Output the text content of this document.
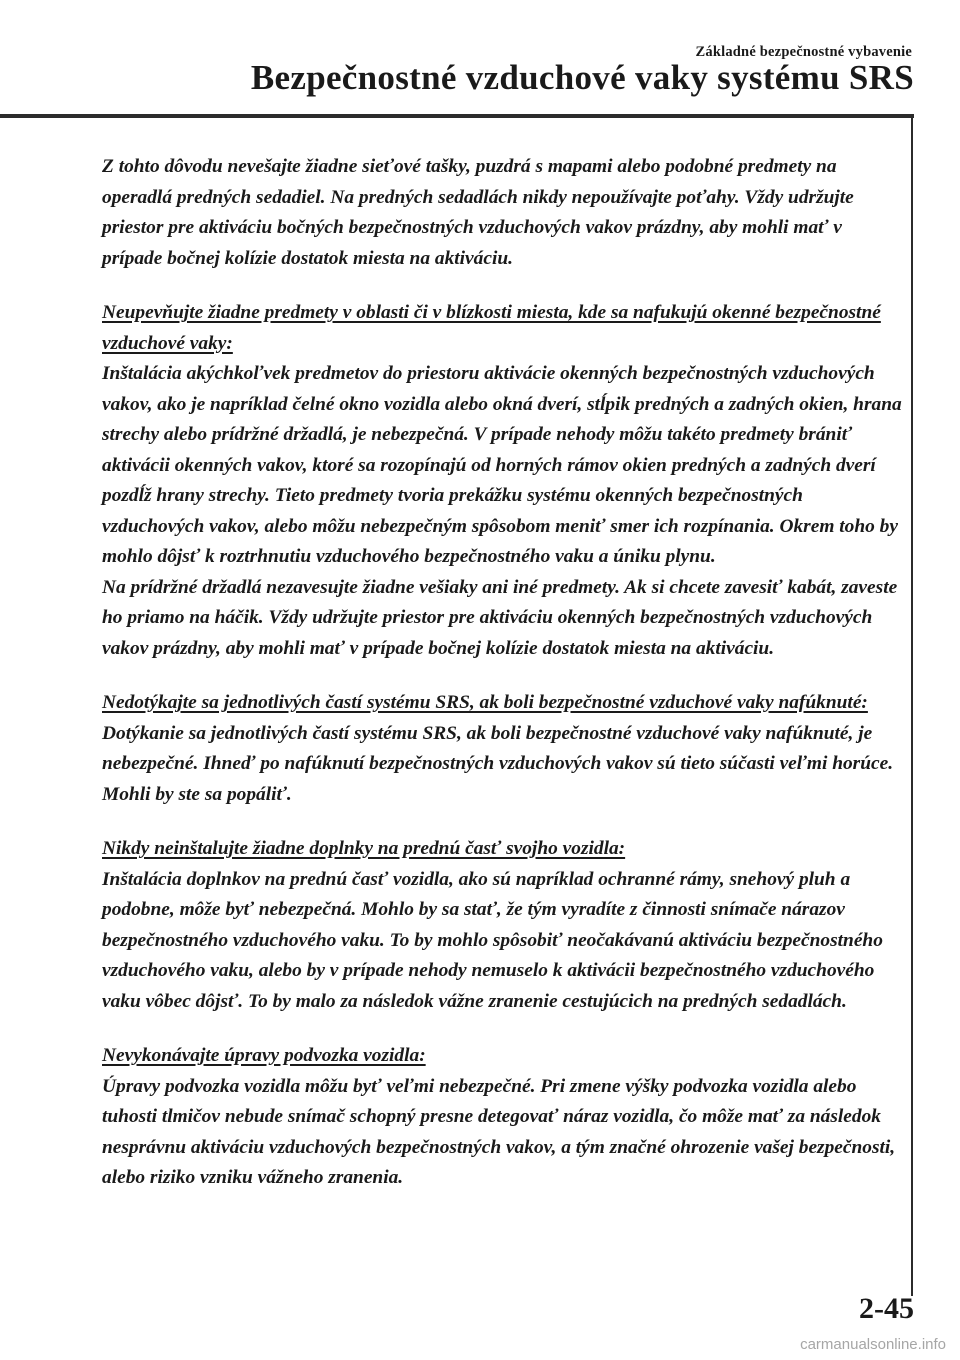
Základné bezpečnostné vybavenie
Bezpečnostné vzduchové vaky systému SRS

Z tohto dôvodu nevešajte žiadne sieťové tašky, puzdrá s mapami alebo podobné predmety na operadlá predných sedadiel. Na predných sedadlách nikdy nepoužívajte poťahy. Vždy udržujte priestor pre aktiváciu bočných bezpečnostných vzduchových vakov prázdny, aby mohli mať v prípade bočnej kolízie dostatok miesta na aktiváciu.

Neupevňujte žiadne predmety v oblasti či v blízkosti miesta, kde sa nafukujú okenné bezpečnostné vzduchové vaky:

Inštalácia akýchkoľvek predmetov do priestoru aktivácie okenných bezpečnostných vzduchových vakov, ako je napríklad čelné okno vozidla alebo okná dverí, stĺpik predných a zadných okien, hrana strechy alebo prídržné držadlá, je nebezpečná. V prípade nehody môžu takéto predmety brániť aktivácii okenných vakov, ktoré sa rozopínajú od horných rámov okien predných a zadných dverí pozdĺž hrany strechy. Tieto predmety tvoria prekážku systému okenných bezpečnostných vzduchových vakov, alebo môžu nebezpečným spôsobom meniť smer ich rozpínania. Okrem toho by mohlo dôjsť k roztrhnutiu vzduchového bezpečnostného vaku a úniku plynu.

Na prídržné držadlá nezavesujte žiadne vešiaky ani iné predmety. Ak si chcete zavesiť kabát, zaveste ho priamo na háčik. Vždy udržujte priestor pre aktiváciu okenných bezpečnostných vzduchových vakov prázdny, aby mohli mať v prípade bočnej kolízie dostatok miesta na aktiváciu.

Nedotýkajte sa jednotlivých častí systému SRS, ak boli bezpečnostné vzduchové vaky nafúknuté:

Dotýkanie sa jednotlivých častí systému SRS, ak boli bezpečnostné vzduchové vaky nafúknuté, je nebezpečné. Ihneď po nafúknutí bezpečnostných vzduchových vakov sú tieto súčasti veľmi horúce. Mohli by ste sa popáliť.

Nikdy neinštalujte žiadne doplnky na prednú časť svojho vozidla:

Inštalácia doplnkov na prednú časť vozidla, ako sú napríklad ochranné rámy, snehový pluh a podobne, môže byť nebezpečná. Mohlo by sa stať, že tým vyradíte z činnosti snímače nárazov bezpečnostného vzduchového vaku. To by mohlo spôsobiť neočakávanú aktiváciu bezpečnostného vzduchového vaku, alebo by v prípade nehody nemuselo k aktivácii bezpečnostného vzduchového vaku vôbec dôjsť. To by malo za následok vážne zranenie cestujúcich na predných sedadlách.

Nevykonávajte úpravy podvozka vozidla:

Úpravy podvozka vozidla môžu byť veľmi nebezpečné. Pri zmene výšky podvozka vozidla alebo tuhosti tlmičov nebude snímač schopný presne detegovať náraz vozidla, čo môže mať za následok nesprávnu aktiváciu vzduchových bezpečnostných vakov, a tým značné ohrozenie vašej bezpečnosti, alebo riziko vzniku vážneho zranenia.

2-45
carmanualsonline.info
